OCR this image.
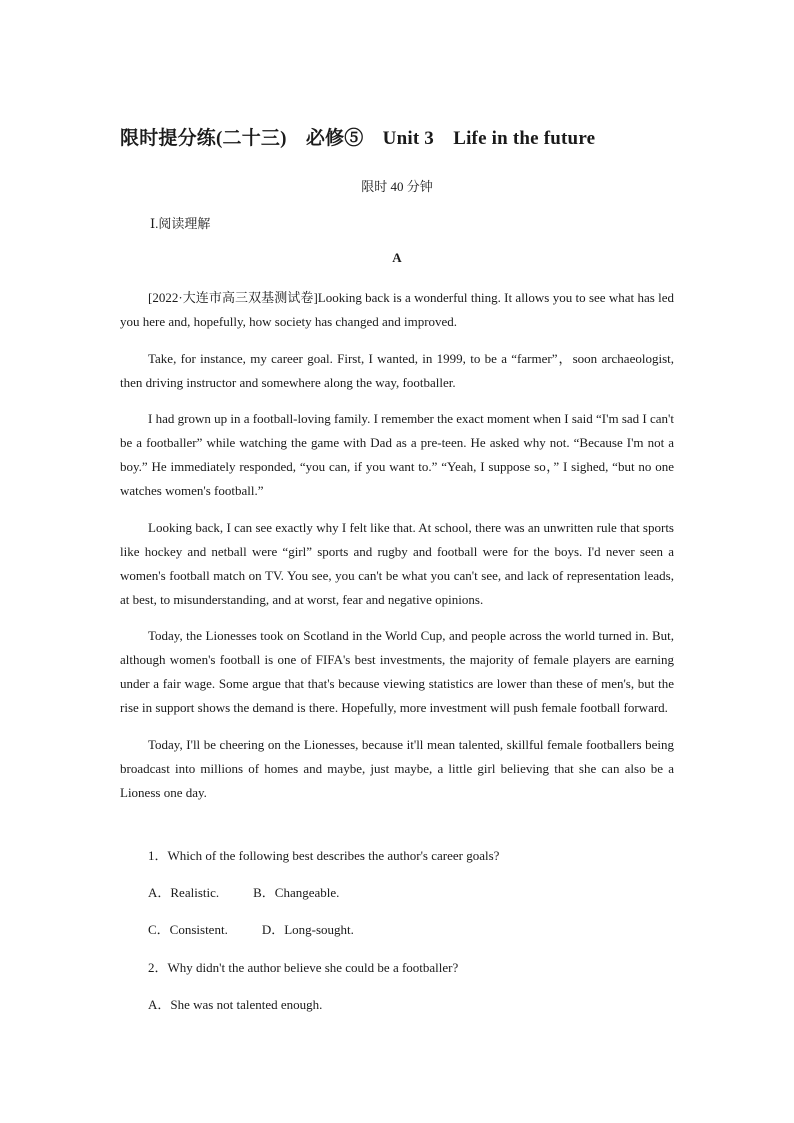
限时提分练(二十三)　必修⑤　Unit 3　Life in the future
限时 40 分钟
Ⅰ.阅读理解
A

[2022·大连市高三双基测试卷]Looking back is a wonderful thing. It allows you to see what has led you here and, hopefully, how society has changed and improved.

Take, for instance, my career goal. First, I wanted, in 1999, to be a “farmer”，soon archaeologist, then driving instructor and somewhere along the way, footballer.

I had grown up in a football-loving family. I remember the exact moment when I said “I'm sad I can't be a footballer” while watching the game with Dad as a pre-teen. He asked why not. “Because I'm not a boy.” He immediately responded, “you can, if you want to.” “Yeah, I suppose so，” I sighed, “but no one watches women's football.”

Looking back, I can see exactly why I felt like that. At school, there was an unwritten rule that sports like hockey and netball were “girl” sports and rugby and football were for the boys. I'd never seen a women's football match on TV. You see, you can't be what you can't see, and lack of representation leads, at best, to misunderstanding, and at worst, fear and negative opinions.

Today, the Lionesses took on Scotland in the World Cup, and people across the world turned in. But, although women's football is one of FIFA's best investments, the majority of female players are earning under a fair wage. Some argue that that's because viewing statistics are lower than these of men's, but the rise in support shows the demand is there. Hopefully, more investment will push female football forward.

Today, I'll be cheering on the Lionesses, because it'll mean talented, skillful female footballers being broadcast into millions of homes and maybe, just maybe, a little girl believing that she can also be a Lioness one day.

1．Which of the following best describes the author's career goals?
A．Realistic.	B．Changeable.
C．Consistent.	D．Long-sought.
2．Why didn't the author believe she could be a footballer?
A．She was not talented enough.
